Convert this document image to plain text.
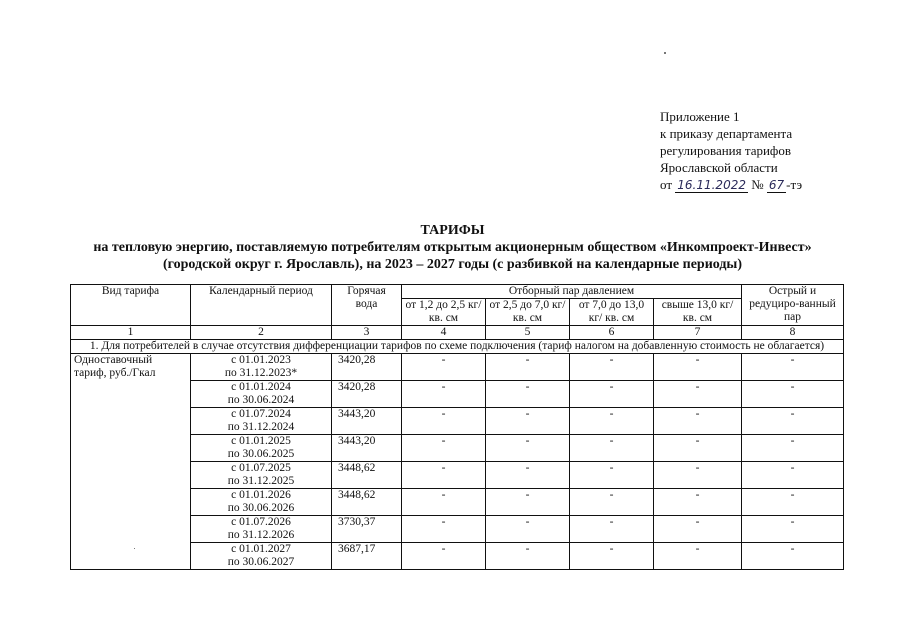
Приложение 1
к приказу департамента
регулирования тарифов
Ярославской области
от 16.11.2022 № 67 -тэ
ТАРИФЫ
на тепловую энергию, поставляемую потребителям открытым акционерным обществом «Инкомпроект-Инвест»
(городской округ г. Ярославль), на 2023 – 2027 годы (с разбивкой на календарные периоды)
Вид тарифа	Календарный период	Горячая вода	Отборный пар давлением				Острый и редуциро-ванный пар
			от 1,2 до 2,5 кг/ кв. см	от 2,5 до 7,0 кг/ кв. см	от 7,0 до 13,0 кг/ кв. см	свыше 13,0 кг/ кв. см	
1	2	3	4	5	6	7	8
1. Для потребителей в случае отсутствия дифференциации тарифов по схеме подключения (тариф налогом на добавленную стоимость не облагается)							
Одноставочный тариф, руб./Гкал	с 01.01.2023
по 31.12.2023*	3420,28	-	-	-	-	-

	с 01.01.2024
по 30.06.2024	3420,28	-	-	-	-	-

	с 01.07.2024
по 31.12.2024	3443,20	-	-	-	-	-

	с 01.01.2025
по 30.06.2025	3443,20	-	-	-	-	-

	с 01.07.2025
по 31.12.2025	3448,62	-	-	-	-	-

	с 01.01.2026
по 30.06.2026	3448,62	-	-	-	-	-

	с 01.07.2026
по 31.12.2026	3730,37	-	-	-	-	-

	с 01.01.2027
по 30.06.2027	3687,17	-	-	-	-	-
